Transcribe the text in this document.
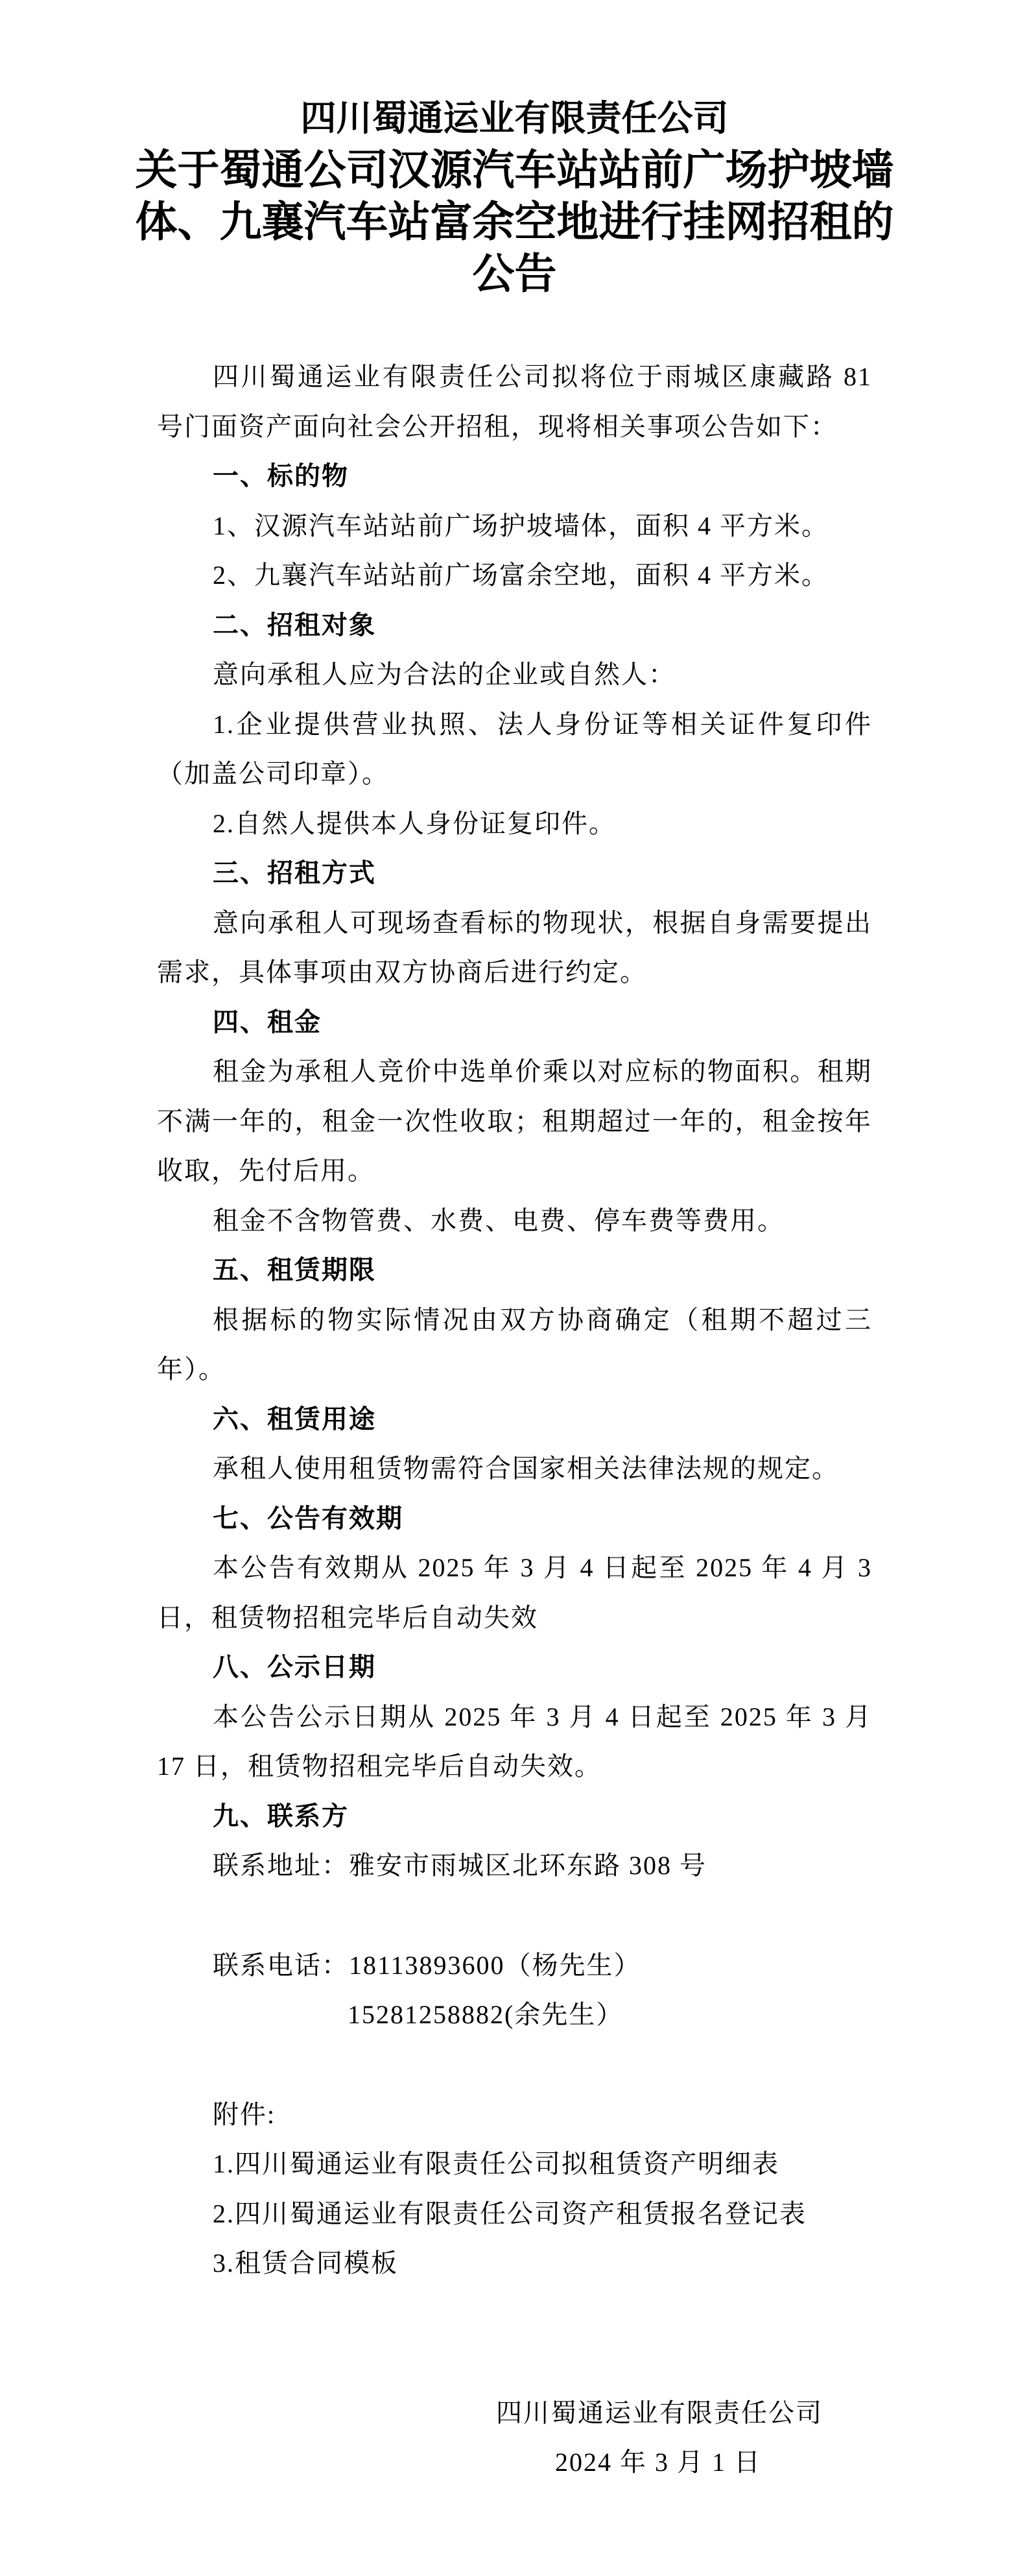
四川蜀通运业有限责任公司
关于蜀通公司汉源汽车站站前广场护坡墙
体、九襄汽车站富余空地进行挂网招租的
公告

四川蜀通运业有限责任公司拟将位于雨城区康藏路 81 号门面资产面向社会公开招租，现将相关事项公告如下：

一、标的物

1、汉源汽车站站前广场护坡墙体，面积 4 平方米。

2、九襄汽车站站前广场富余空地，面积 4 平方米。

二、招租对象

意向承租人应为合法的企业或自然人：

1.企业提供营业执照、法人身份证等相关证件复印件（加盖公司印章）。

2.自然人提供本人身份证复印件。

三、招租方式

意向承租人可现场查看标的物现状，根据自身需要提出需求，具体事项由双方协商后进行约定。

四、租金

租金为承租人竞价中选单价乘以对应标的物面积。租期不满一年的，租金一次性收取；租期超过一年的，租金按年收取，先付后用。

租金不含物管费、水费、电费、停车费等费用。

五、租赁期限

根据标的物实际情况由双方协商确定（租期不超过三年）。

六、租赁用途

承租人使用租赁物需符合国家相关法律法规的规定。

七、公告有效期

本公告有效期从 2025 年 3 月 4 日起至 2025 年 4 月 3 日，租赁物招租完毕后自动失效

八、公示日期

本公告公示日期从 2025 年 3 月 4 日起至 2025 年 3 月 17 日，租赁物招租完毕后自动失效。

九、联系方

联系地址：雅安市雨城区北环东路 308 号

联系电话：18113893600（杨先生）

15281258882(余先生）

附件:

1.四川蜀通运业有限责任公司拟租赁资产明细表

2.四川蜀通运业有限责任公司资产租赁报名登记表

3.租赁合同模板

四川蜀通运业有限责任公司
2024 年 3 月 1 日
